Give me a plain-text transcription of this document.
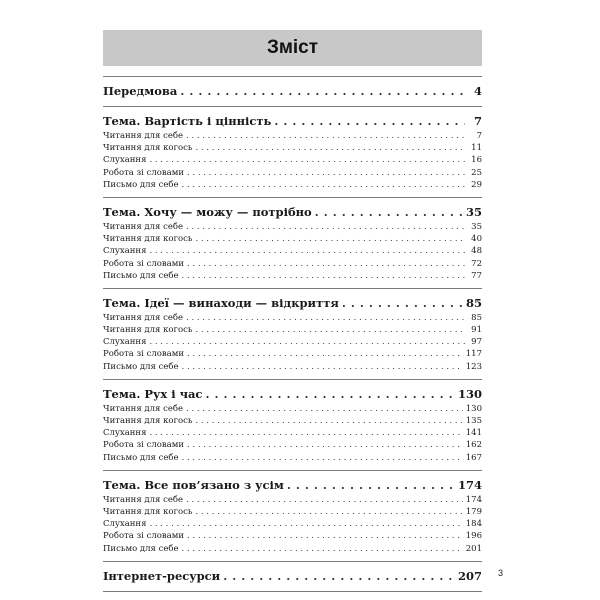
Зміст
Передмова . . .	4
Тема. Вартість і цінність . . .	7
Читання для себе . . .	7
Читання для когось . . .	11
Слухання . . .	16
Робота зі словами . . .	25
Письмо для себе . . .	29
Тема. Хочу — можу — потрібно . . .	35
Читання для себе . . .	35
Читання для когось . . .	40
Слухання . . .	48
Робота зі словами . . .	72
Письмо для себе . . .	77
Тема. Ідеї — винаходи — відкриття . . .	85
Читання для себе . . .	85
Читання для когось . . .	91
Слухання . . .	97
Робота зі словами . . .	117
Письмо для себе . . .	123
Тема. Рух і час . . .	130
Читання для себе . . .	130
Читання для когось . . .	135
Слухання . . .	141
Робота зі словами . . .	162
Письмо для себе . . .	167
Тема. Все пов’язано з усім . . .	174
Читання для себе . . .	174
Читання для когось . . .	179
Слухання . . .	184
Робота зі словами . . .	196
Письмо для себе . . .	201
Інтернет-ресурси . . .	207 3
